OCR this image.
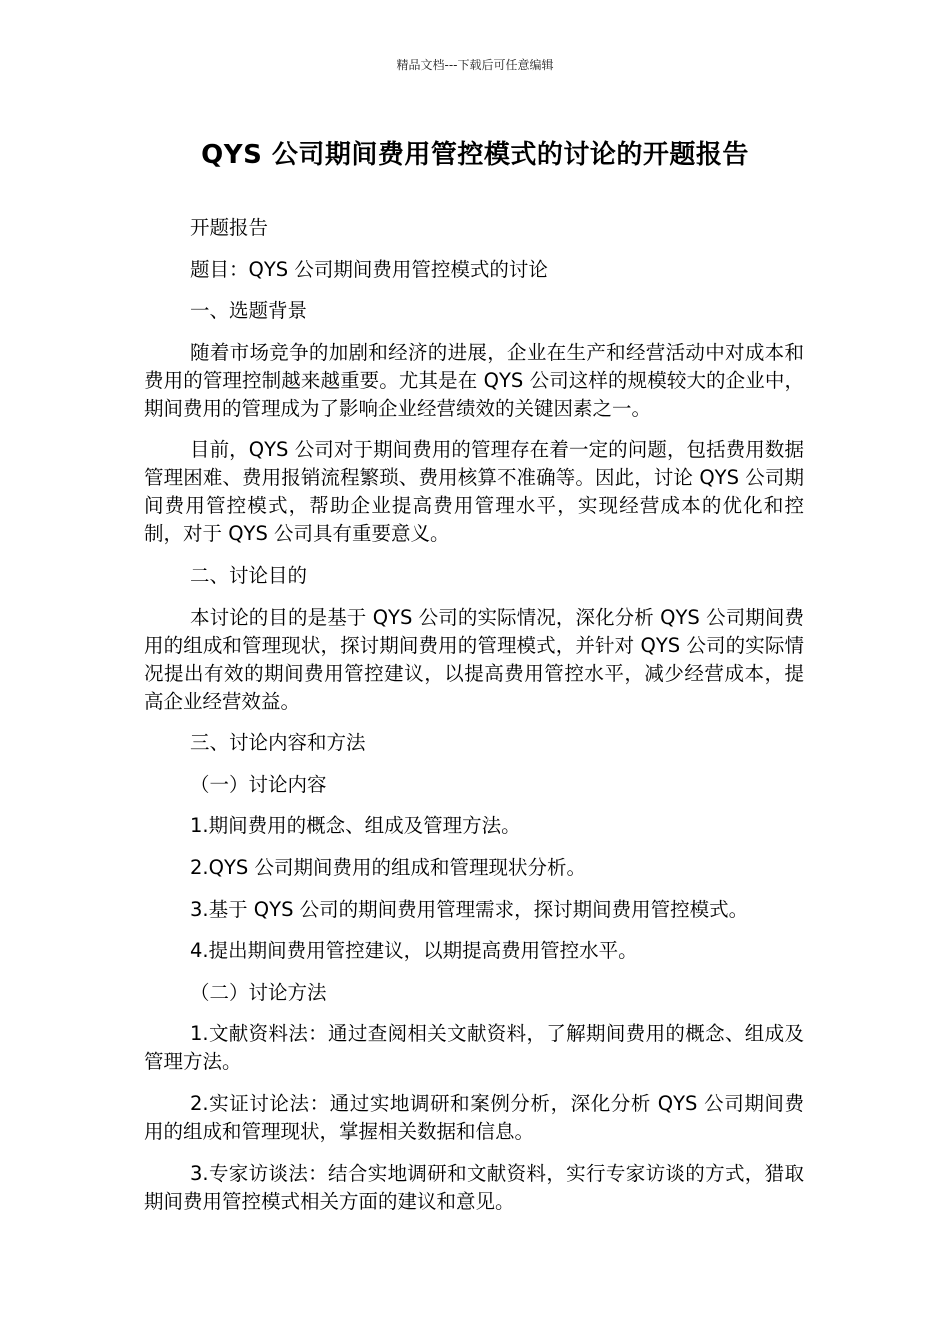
精品文档---下载后可任意编辑
QYS 公司期间费用管控模式的讨论的开题报告

开题报告

题目：QYS 公司期间费用管控模式的讨论

一、选题背景

随着市场竞争的加剧和经济的进展，企业在生产和经营活动中对成本和费用的管理控制越来越重要。尤其是在 QYS 公司这样的规模较大的企业中，期间费用的管理成为了影响企业经营绩效的关键因素之一。

目前，QYS 公司对于期间费用的管理存在着一定的问题，包括费用数据管理困难、费用报销流程繁琐、费用核算不准确等。因此，讨论 QYS 公司期间费用管控模式，帮助企业提高费用管理水平，实现经营成本的优化和控制，对于 QYS 公司具有重要意义。

二、讨论目的

本讨论的目的是基于 QYS 公司的实际情况，深化分析 QYS 公司期间费用的组成和管理现状，探讨期间费用的管理模式，并针对 QYS 公司的实际情况提出有效的期间费用管控建议，以提高费用管控水平，减少经营成本，提高企业经营效益。

三、讨论内容和方法

（一）讨论内容

1.期间费用的概念、组成及管理方法。

2.QYS 公司期间费用的组成和管理现状分析。

3.基于 QYS 公司的期间费用管理需求，探讨期间费用管控模式。

4.提出期间费用管控建议，以期提高费用管控水平。

（二）讨论方法

1.文献资料法：通过查阅相关文献资料，了解期间费用的概念、组成及管理方法。

2.实证讨论法：通过实地调研和案例分析，深化分析 QYS 公司期间费用的组成和管理现状，掌握相关数据和信息。

3.专家访谈法：结合实地调研和文献资料，实行专家访谈的方式，猎取期间费用管控模式相关方面的建议和意见。
